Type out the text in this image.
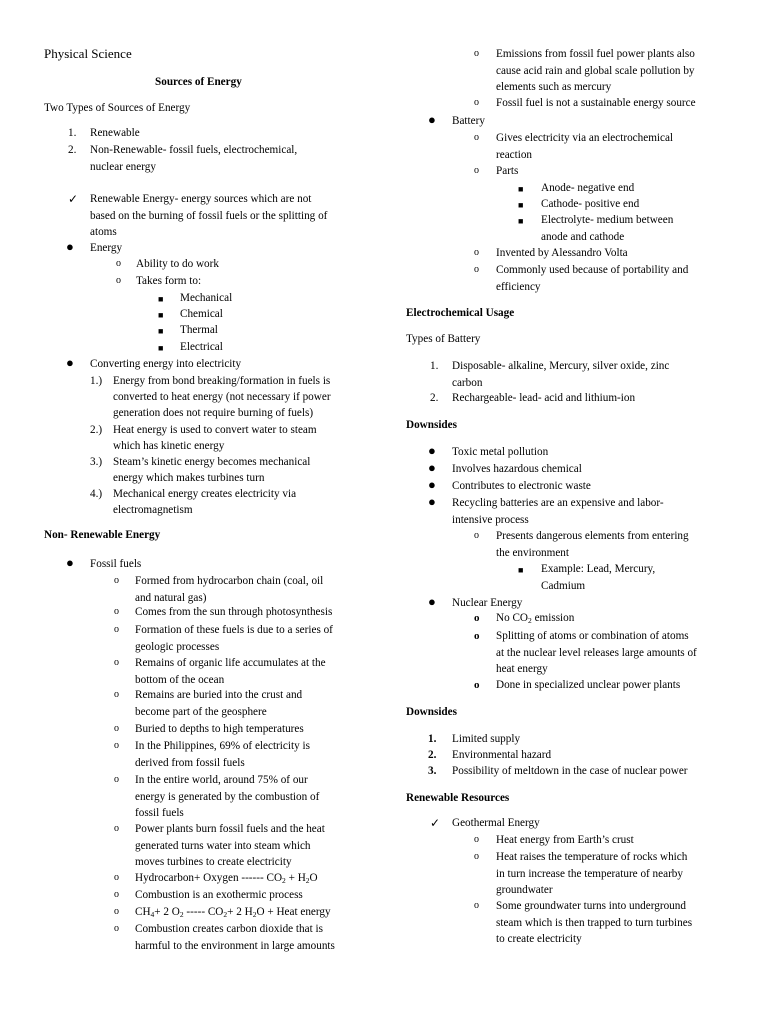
Physical Science
Sources of Energy
Two Types of Sources of Energy
1. Renewable
2. Non-Renewable- fossil fuels, electrochemical,
nuclear energy
✓ Renewable Energy- energy sources which are not
based on the burning of fossil fuels or the splitting of
atoms
● Energy
o Ability to do work
o Takes form to:
■ Mechanical
■ Chemical
■ Thermal
■ Electrical
● Converting energy into electricity
1.) Energy from bond breaking/formation in fuels is
converted to heat energy (not necessary if power
generation does not require burning of fuels)
2.) Heat energy is used to convert water to steam
which has kinetic energy
3.) Steam’s kinetic energy becomes mechanical
energy which makes turbines turn
4.) Mechanical energy creates electricity via
electromagnetism
Non- Renewable Energy
● Fossil fuels
o Formed from hydrocarbon chain (coal, oil
and natural gas)
o Comes from the sun through photosynthesis
o Formation of these fuels is due to a series of
geologic processes
o Remains of organic life accumulates at the
bottom of the ocean
o Remains are buried into the crust and
become part of the geosphere
o Buried to depths to high temperatures
o In the Philippines, 69% of electricity is
derived from fossil fuels
o In the entire world, around 75% of our
energy is generated by the combustion of
fossil fuels
o Power plants burn fossil fuels and the heat
generated turns water into steam which
moves turbines to create electricity
o Hydrocarbon+ Oxygen ------ $CO_2 + H_2O$
o Combustion is an exothermic process
o $CH_4+ 2$ $O_2$ ----- $CO_2+ 2$ $H_2O$ + Heat energy
o Combustion creates carbon dioxide that is
harmful to the environment in large amounts
o Emissions from fossil fuel power plants also
cause acid rain and global scale pollution by
elements such as mercury
o Fossil fuel is not a sustainable energy source
● Battery
o Gives electricity via an electrochemical
reaction
o Parts
■ Anode- negative end
■ Cathode- positive end
■ Electrolyte- medium between
anode and cathode
o Invented by Alessandro Volta
o Commonly used because of portability and
efficiency
Electrochemical Usage
Types of Battery
1. Disposable- alkaline, Mercury, silver oxide, zinc
carbon
2. Rechargeable- lead- acid and lithium-ion
Downsides
● Toxic metal pollution
● Involves hazardous chemical
● Contributes to electronic waste
● Recycling batteries are an expensive and labor-
intensive process
o Presents dangerous elements from entering
the environment
■ Example: Lead, Mercury,
Cadmium
● Nuclear Energy
o No $CO_2$ emission
o Splitting of atoms or combination of atoms
at the nuclear level releases large amounts of
heat energy
o Done in specialized unclear power plants
Downsides
1. Limited supply
2. Environmental hazard
3. Possibility of meltdown in the case of nuclear power
Renewable Resources
✓ Geothermal Energy
o Heat energy from Earth’s crust
o Heat raises the temperature of rocks which
in turn increase the temperature of nearby
groundwater
o Some groundwater turns into underground
steam which is then trapped to turn turbines
to create electricity
